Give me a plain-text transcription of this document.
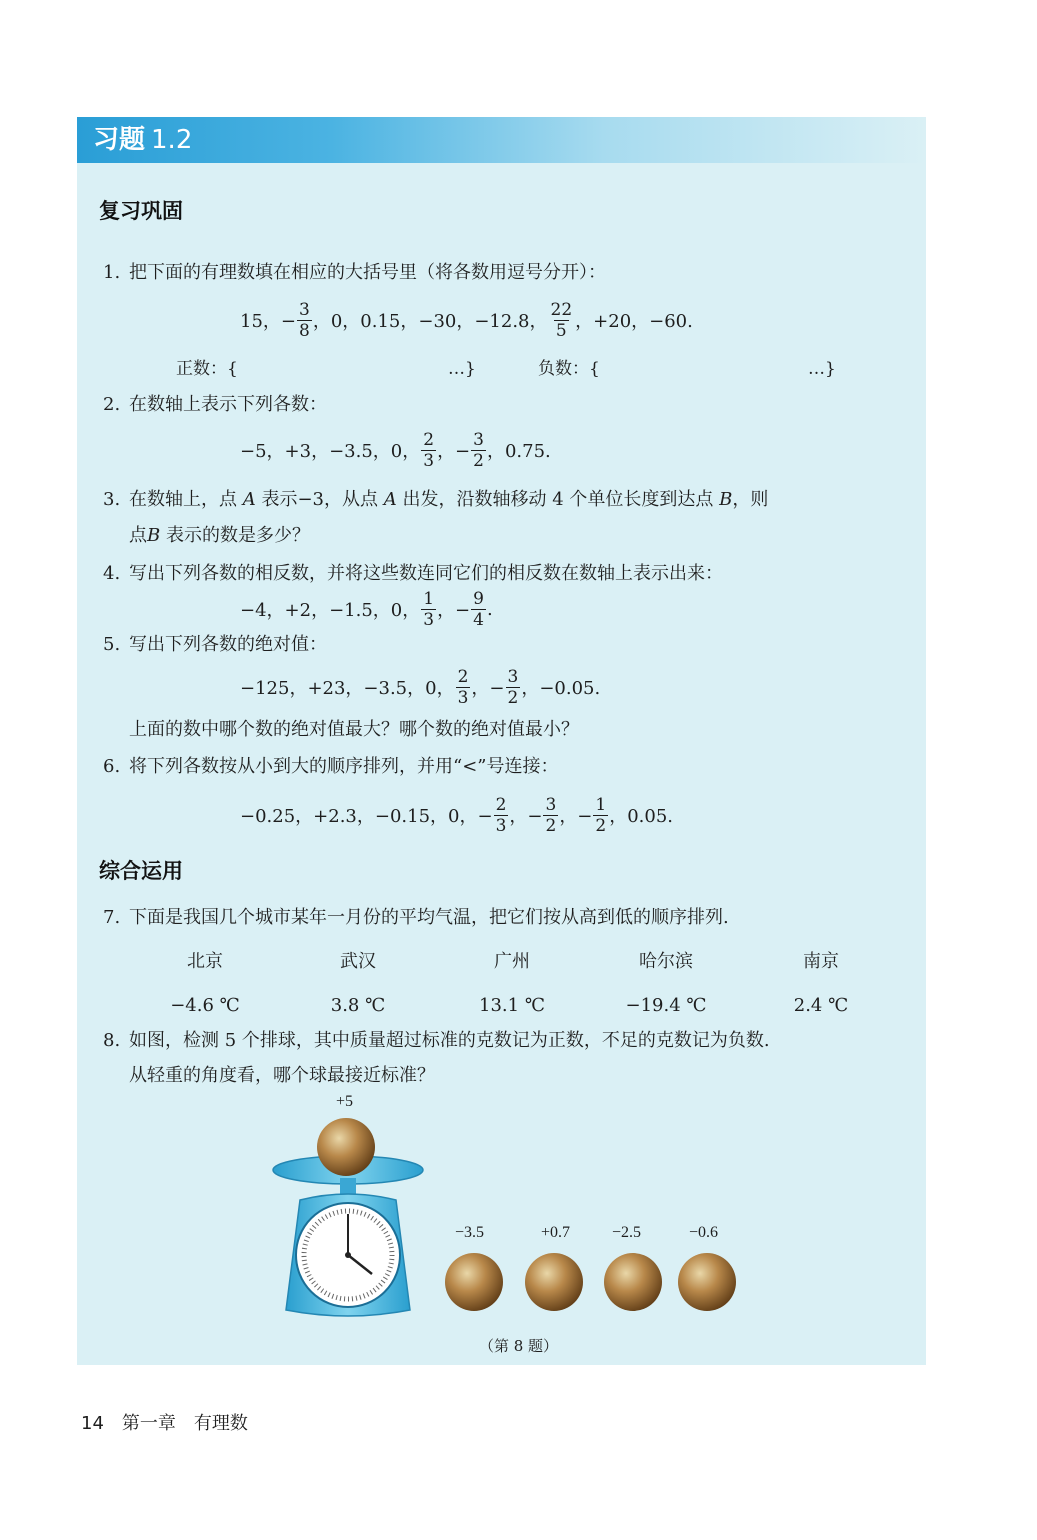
习题 1.2
复习巩固
1. 把下面的有理数填在相应的大括号里（将各数用逗号分开）：
15，− $\frac{3}{8}$ ，0，0.15，−30，−12.8， $\frac{22}{5}$ ，+20，−60.
正数：{	…}	负数：{	…}
2. 在数轴上表示下列各数：
−5，+3，−3.5，0， $\frac{2}{3}$ ，− $\frac{3}{2}$ ，0.75.
3. 在数轴上，点 A 表示−3，从点 A 出发，沿数轴移动 4 个单位长度到达点 B，则
点B 表示的数是多少？
4. 写出下列各数的相反数，并将这些数连同它们的相反数在数轴上表示出来：
−4，+2，−1.5，0， $\frac{1}{3}$ ，− $\frac{9}{4}$ .
5. 写出下列各数的绝对值：
−125，+23，−3.5，0， $\frac{2}{3}$ ，− $\frac{3}{2}$ ，−0.05.
上面的数中哪个数的绝对值最大？哪个数的绝对值最小？
6. 将下列各数按从小到大的顺序排列，并用“<”号连接：
−0.25，+2.3，−0.15，0，− $\frac{2}{3}$ ，− $\frac{3}{2}$ ，− $\frac{1}{2}$ ，0.05.
综合运用
7. 下面是我国几个城市某年一月份的平均气温，把它们按从高到低的顺序排列.
北京	武汉	广州	哈尔滨	南京
−4.6 ℃	3.8 ℃	13.1 ℃	−19.4 ℃	2.4 ℃
8. 如图，检测 5 个排球，其中质量超过标准的克数记为正数，不足的克数记为负数.
从轻重的角度看，哪个球最接近标准？
+5
−3.5	+0.7	−2.5	−0.6
（第 8 题）
14 第一章 有理数
